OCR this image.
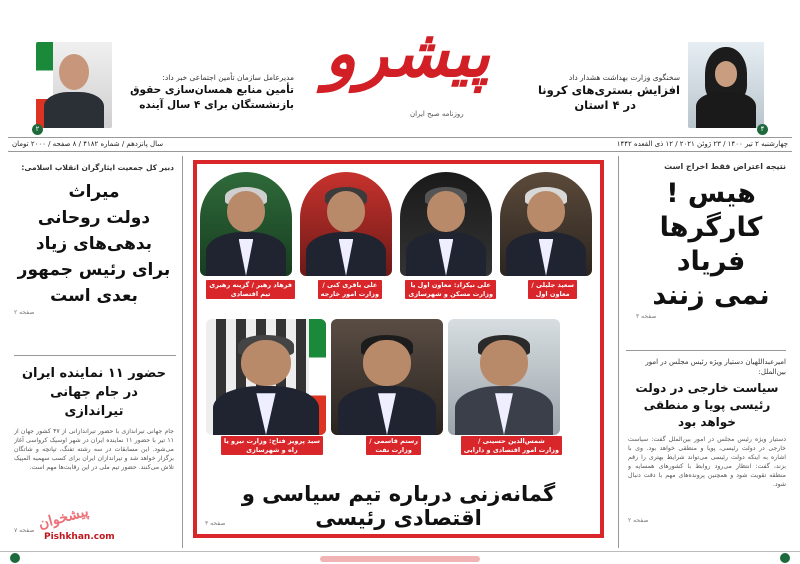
۴
سخنگوی وزارت بهداشت هشدار داد
افزایش بستری‌های کرونا
در ۴ استان
پیشرو
روزنامه صبح ایران
مدیرعامل سازمان تأمین اجتماعی خبر داد:
تأمین منابع همسان‌سازی حقوق
بازنشستگان برای ۴ سال آینده
۲
چهارشنبه ۲ تیر ۱۴۰۰ / ۲۳ ژوئن ۲۰۲۱ / ۱۲ ذی القعده ۱۴۴۲
سال پانزدهم / شماره ۴۱۸۲ / ۸ صفحه / ۲۰۰۰ تومان
نتیجه اعتراض فقط اخراج است
هیس !
کارگرها
فریاد
نمی زنند
صفحه ۳
امیرعبداللهیان دستیار ویژه رئیس مجلس در امور بین‌الملل:
سیاست خارجی در دولت
رئیسی پویا و منطقی
خواهد بود
دستیار ویژه رئیس مجلس در امور بین‌الملل گفت: سیاست خارجی در دولت رئیسی، پویا و منطقی خواهد بود. وی با اشاره به اینکه دولت رئیسی می‌تواند شرایط بهتری را رقم بزند، گفت: انتظار می‌رود روابط با کشورهای همسایه و منطقه تقویت شود و همچنین پرونده‌های مهم با دقت دنبال شود.
صفحه ۲
دبیر کل جمعیت ایثارگران انقلاب اسلامی:
میراث
دولت روحانی
بدهی‌های زیاد
برای رئیس جمهور
بعدی است
صفحه ۲
حضور ۱۱ نماینده ایران
در جام جهانی
تیراندازی
جام جهانی تیراندازی با حضور تیراندازانی از ۴۷ کشور جهان از ۱۱ تیر با حضور ۱۱ نماینده ایران در شهر اوسیک کرواسی آغاز می‌شود. این مسابقات در سه رشته تفنگ، تپانچه و شاتگان برگزار خواهد شد و تیراندازان ایران برای کسب سهمیه المپیک تلاش می‌کنند. حضور تیم ملی در این رقابت‌ها مهم است.
صفحه ۷
سعید جلیلی /
معاون اول
علی نیکزاد: معاون اول یا
وزارت مسکن و شهرسازی
علی باقری کنی /
وزارت امور خارجه
فرهاد رهبر / گزینه رهبری
تیم اقتصادی
شمس‌الدین حسینی /
وزارت امور اقتصادی و دارایی
رستم قاسمی /
وزارت نفت
سید پرویز فتاح: وزارت نیرو یا
راه و شهرسازی
گمانه‌زنی درباره تیم سیاسی و اقتصادی رئیسی
صفحه ۳
پیشخوان
Pishkhan.com
